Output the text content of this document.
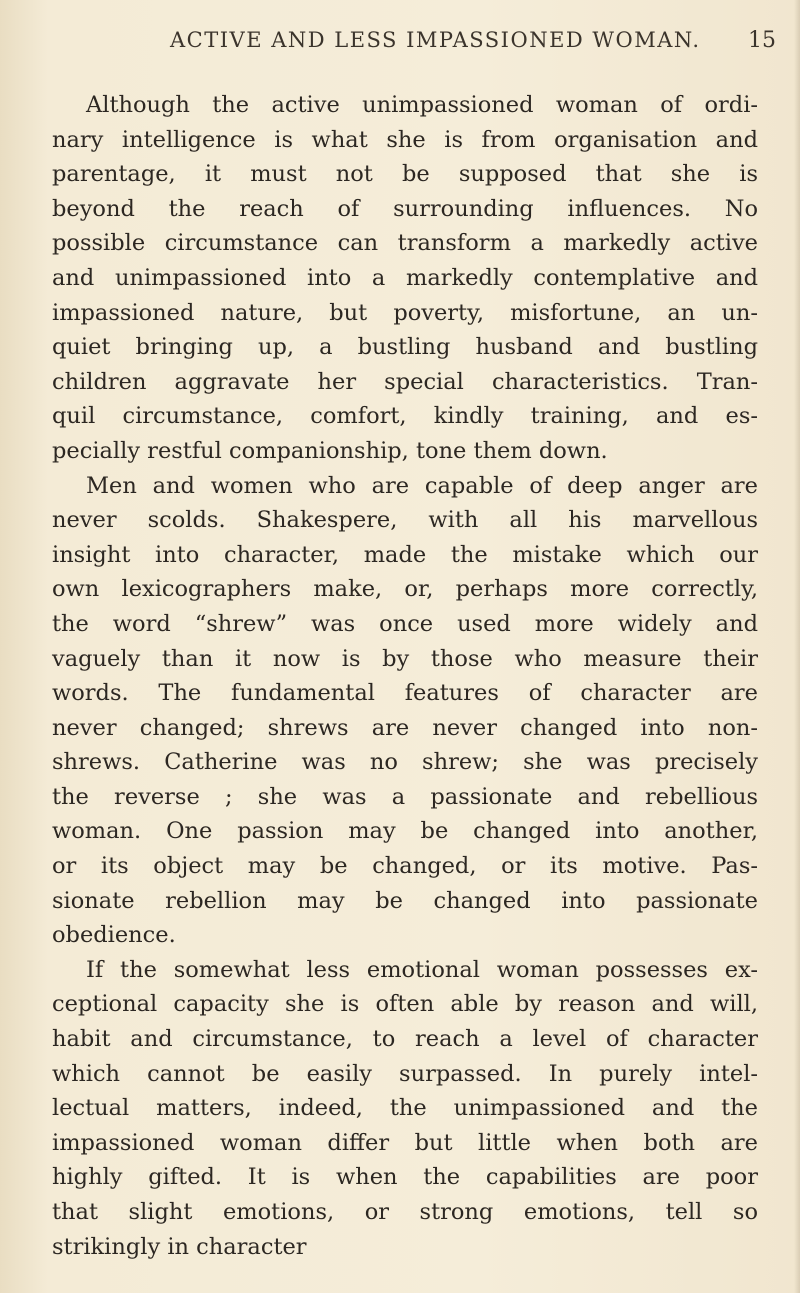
ACTIVE AND LESS IMPASSIONED WOMAN. 15
Although the active unimpassioned woman of ordi-
nary intelligence is what she is from organisation and
parentage, it must not be supposed that she is
beyond the reach of surrounding influences. No
possible circumstance can transform a markedly active
and unimpassioned into a markedly contemplative and
impassioned nature, but poverty, misfortune, an un-
quiet bringing up, a bustling husband and bustling
children aggravate her special characteristics. Tran-
quil circumstance, comfort, kindly training, and es-
pecially restful companionship, tone them down.
Men and women who are capable of deep anger are
never scolds. Shakespere, with all his marvellous
insight into character, made the mistake which our
own lexicographers make, or, perhaps more correctly,
the word “shrew” was once used more widely and
vaguely than it now is by those who measure their
words. The fundamental features of character are
never changed; shrews are never changed into non-
shrews. Catherine was no shrew; she was precisely
the reverse ; she was a passionate and rebellious
woman. One passion may be changed into another,
or its object may be changed, or its motive. Pas-
sionate rebellion may be changed into passionate
obedience.
If the somewhat less emotional woman possesses ex-
ceptional capacity she is often able by reason and will,
habit and circumstance, to reach a level of character
which cannot be easily surpassed. In purely intel-
lectual matters, indeed, the unimpassioned and the
impassioned woman differ but little when both are
highly gifted. It is when the capabilities are poor
that slight emotions, or strong emotions, tell so
strikingly in character
